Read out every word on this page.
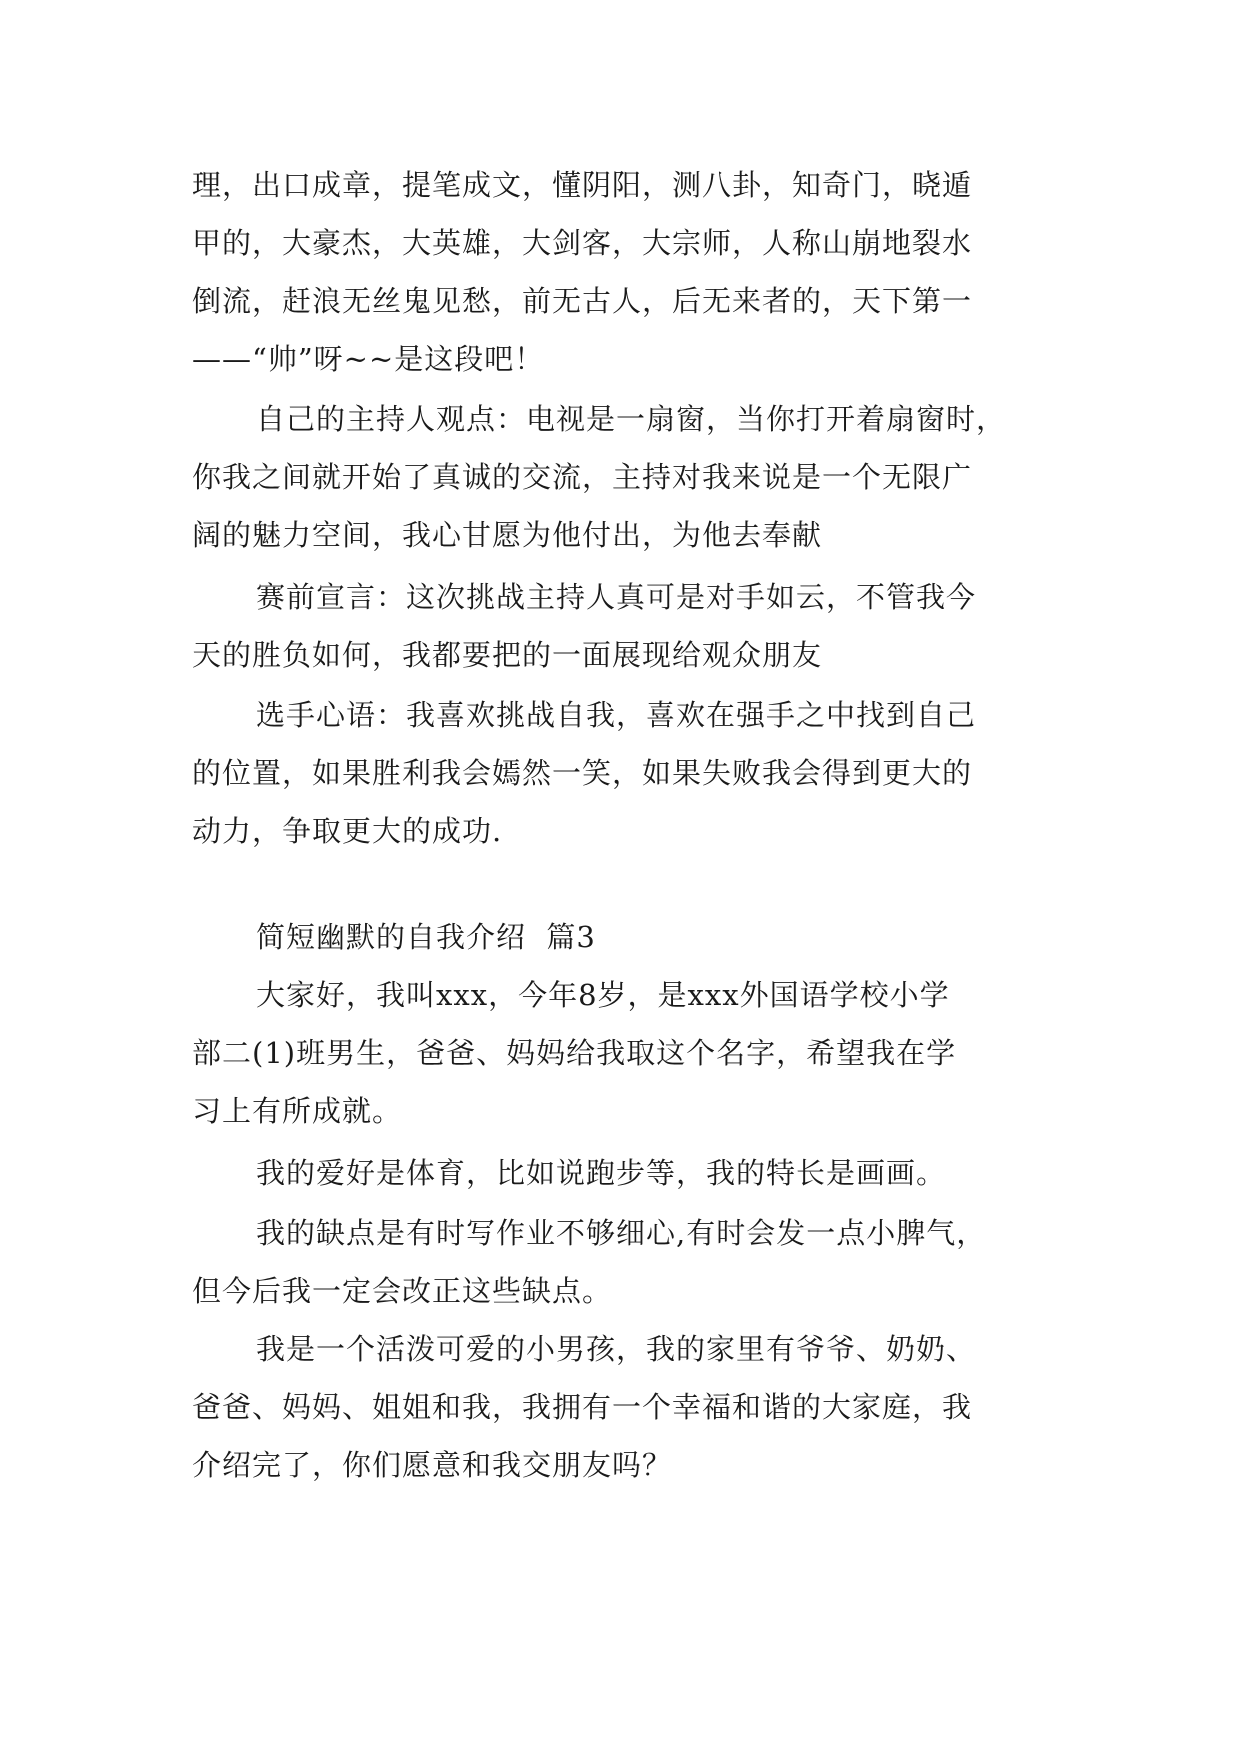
理，出口成章，提笔成文，懂阴阳，测八卦，知奇门，晓遁
甲的，大豪杰，大英雄，大剑客，大宗师，人称山崩地裂水
倒流，赶浪无丝鬼见愁，前无古人，后无来者的，天下第一
——“帅”呀~~是这段吧！

自己的主持人观点：电视是一扇窗，当你打开着扇窗时，
你我之间就开始了真诚的交流，主持对我来说是一个无限广
阔的魅力空间，我心甘愿为他付出，为他去奉献

赛前宣言：这次挑战主持人真可是对手如云，不管我今
天的胜负如何，我都要把的一面展现给观众朋友

选手心语：我喜欢挑战自我，喜欢在强手之中找到自己
的位置，如果胜利我会嫣然一笑，如果失败我会得到更大的
动力，争取更大的成功.

简短幽默的自我介绍  篇3

大家好，我叫xxx，今年8岁，是xxx外国语学校小学
部二(1)班男生，爸爸、妈妈给我取这个名字，希望我在学
习上有所成就。

我的爱好是体育，比如说跑步等，我的特长是画画。

我的缺点是有时写作业不够细心,有时会发一点小脾气，
但今后我一定会改正这些缺点。

我是一个活泼可爱的小男孩，我的家里有爷爷、奶奶、
爸爸、妈妈、姐姐和我，我拥有一个幸福和谐的大家庭，我
介绍完了，你们愿意和我交朋友吗？
